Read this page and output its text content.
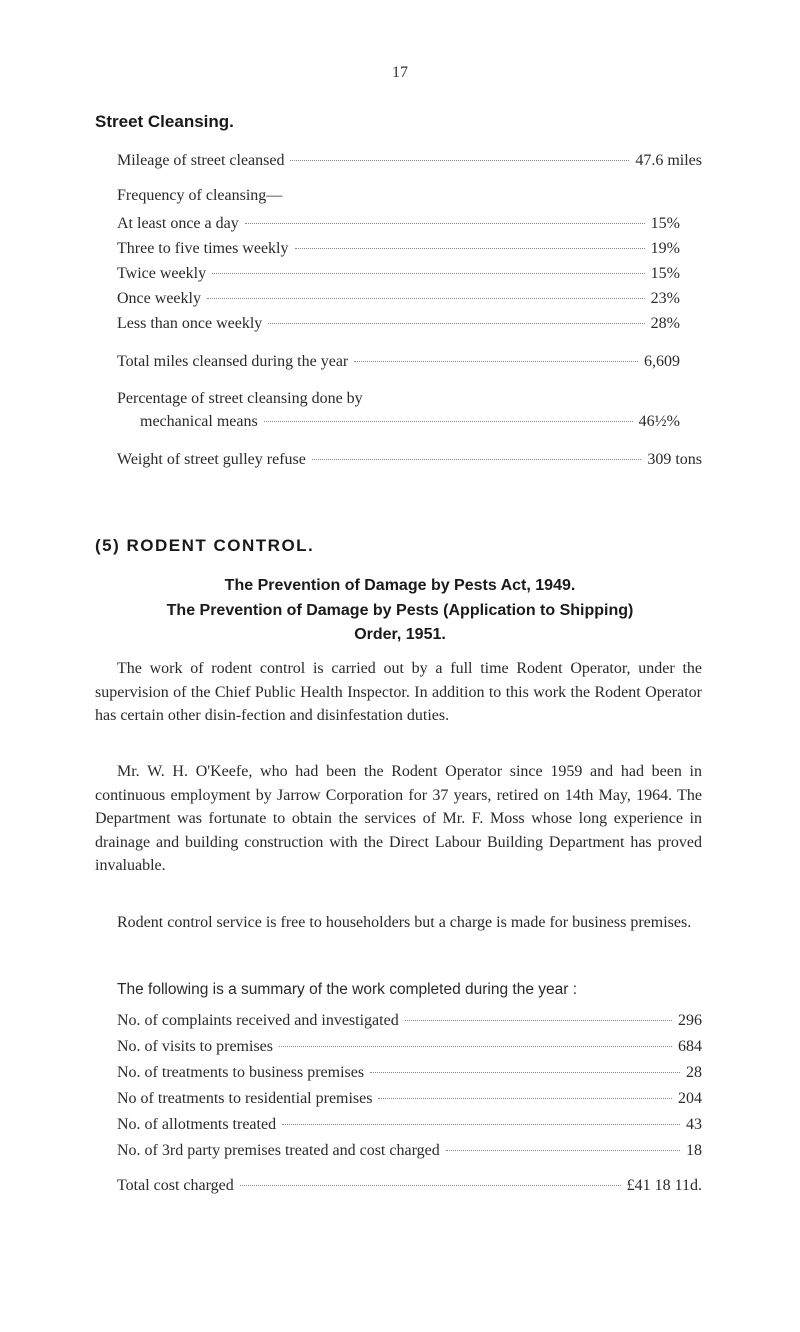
17
Street Cleansing.
Mileage of street cleansed	47.6 miles
Frequency of cleansing—
At least once a day	15%
Three to five times weekly	19%
Twice weekly	15%
Once weekly	23%
Less than once weekly	28%
Total miles cleansed during the year	6,609
Percentage of street cleansing done by
mechanical means	46½%
Weight of street gulley refuse	309 tons
(5) RODENT CONTROL.
The Prevention of Damage by Pests Act, 1949.
The Prevention of Damage by Pests (Application to Shipping)
Order, 1951.
The work of rodent control is carried out by a full time Rodent Operator, under the supervision of the Chief Public Health Inspector. In addition to this work the Rodent Operator has certain other disin-fection and disinfestation duties.
Mr. W. H. O'Keefe, who had been the Rodent Operator since 1959 and had been in continuous employment by Jarrow Corporation for 37 years, retired on 14th May, 1964. The Department was fortunate to obtain the services of Mr. F. Moss whose long experience in drainage and building construction with the Direct Labour Building Department has proved invaluable.
Rodent control service is free to householders but a charge is made for business premises.
The following is a summary of the work completed during the year :
No. of complaints received and investigated	296
No. of visits to premises	684
No. of treatments to business premises	28
No of treatments to residential premises	204
No. of allotments treated	43
No. of 3rd party premises treated and cost charged	18
Total cost charged	£41 18 11d.
